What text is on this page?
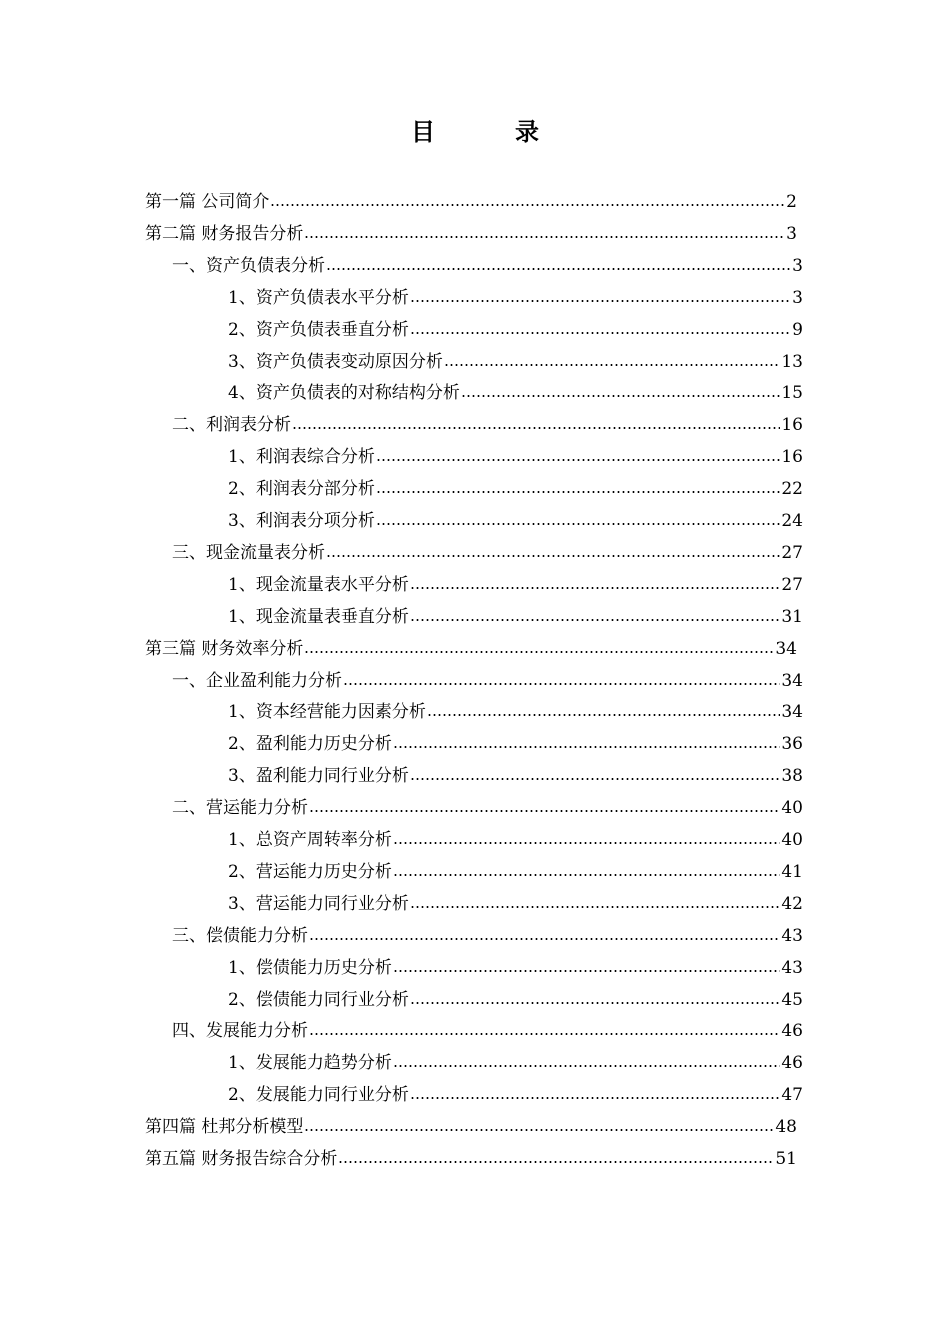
目　录
第一篇 公司简介	2
第二篇 财务报告分析	3
一、资产负债表分析	3
1、资产负债表水平分析	3
2、资产负债表垂直分析	9
3、资产负债表变动原因分析	13
4、资产负债表的对称结构分析	15
二、利润表分析	16
1、利润表综合分析	16
2、利润表分部分析	22
3、利润表分项分析	24
三、现金流量表分析	27
1、现金流量表水平分析	27
1、现金流量表垂直分析	31
第三篇 财务效率分析	34
一、企业盈利能力分析	34
1、资本经营能力因素分析	34
2、盈利能力历史分析	36
3、盈利能力同行业分析	38
二、营运能力分析	40
1、总资产周转率分析	40
2、营运能力历史分析	41
3、营运能力同行业分析	42
三、偿债能力分析	43
1、偿债能力历史分析	43
2、偿债能力同行业分析	45
四、发展能力分析	46
1、发展能力趋势分析	46
2、发展能力同行业分析	47
第四篇 杜邦分析模型	48
第五篇 财务报告综合分析	51
